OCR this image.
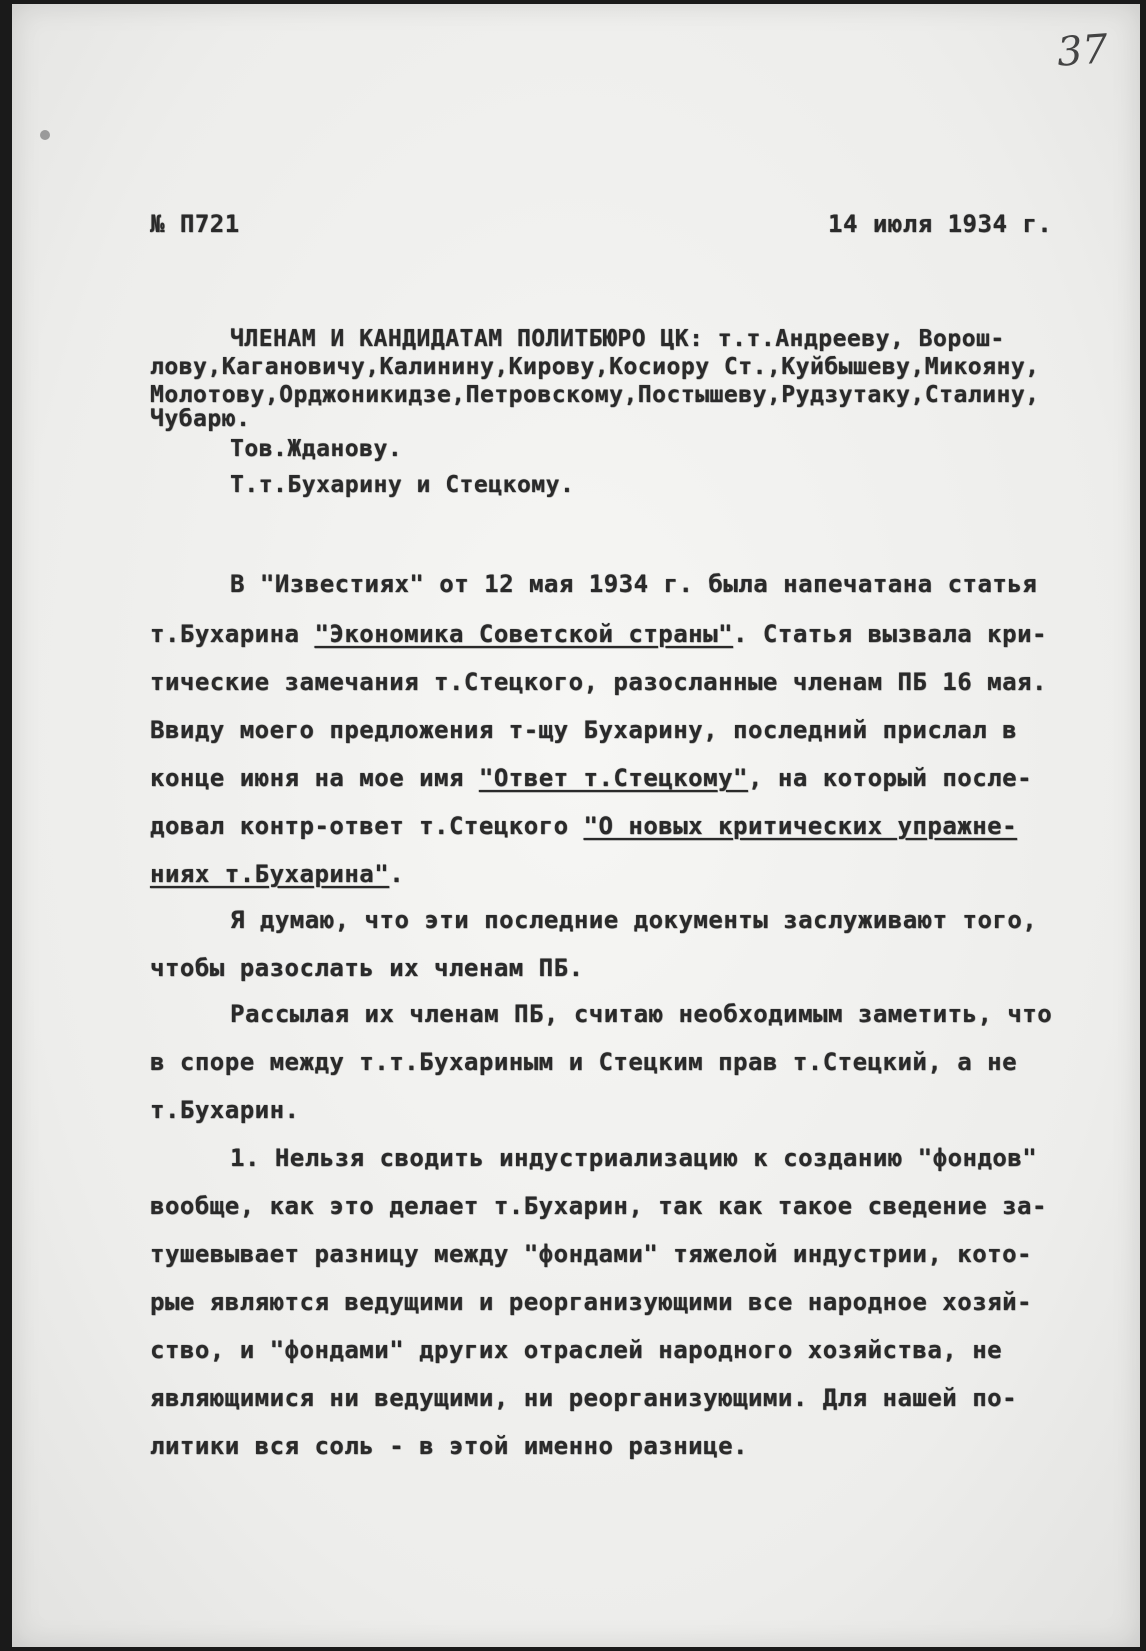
37
№ П721	14 июля 1934 г.
ЧЛЕНАМ И КАНДИДАТАМ ПОЛИТБЮРО ЦК: т.т.Андрееву, Ворош-
лову,Кагановичу,Калинину,Кирову,Косиору Ст.,Куйбышеву,Микояну,
Молотову,Орджоникидзе,Петровскому,Постышеву,Рудзутаку,Сталину,
Чубарю.
Тов.Жданову.
Т.т.Бухарину и Стецкому.
В "Известиях" от 12 мая 1934 г. была напечатана статья
т.Бухарина "Экономика Советской страны". Статья вызвала кри-
тические замечания т.Стецкого, разосланные членам ПБ 16 мая.
Ввиду моего предложения т-щу Бухарину, последний прислал в
конце июня на мое имя "Ответ т.Стецкому", на который после-
довал контр-ответ т.Стецкого "О новых критических упражне-
ниях т.Бухарина".
Я думаю, что эти последние документы заслуживают того,
чтобы разослать их членам ПБ.
Рассылая их членам ПБ, считаю необходимым заметить, что
в споре между т.т.Бухариным и Стецким прав т.Стецкий, а не
т.Бухарин.
1. Нельзя сводить индустриализацию к созданию "фондов"
вообще, как это делает т.Бухарин, так как такое сведение за-
тушевывает разницу между "фондами" тяжелой индустрии, кото-
рые являются ведущими и реорганизующими все народное хозяй-
ство, и "фондами" других отраслей народного хозяйства, не
являющимися ни ведущими, ни реорганизующими. Для нашей по-
литики вся соль - в этой именно разнице.
